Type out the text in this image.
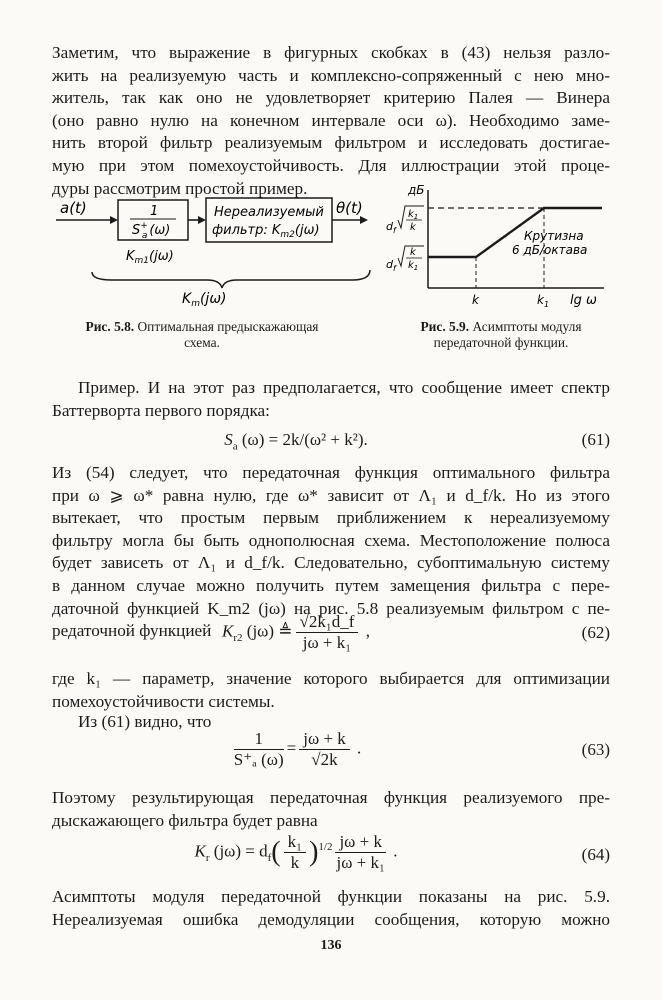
Заметим, что выражение в фигурных скобках в (43) нельзя разло-
жить на реализуемую часть и комплексно-сопряженный с нею мно-
житель, так как оно не удовлетворяет критерию Палея — Винера
(оно равно нулю на конечном интервале оси ω). Необходимо заме-
нить второй фильтр реализуемым фильтром и исследовать достигае-
мую при этом помехоустойчивость. Для иллюстрации этой проце-
дуры рассмотрим простой пример.
a(t)	1
S+ a (ω)
Нереализуемый
фильтр: $K_{m2}(j\omega)$
θ(t)
$K_{m1}(j\omega)$
$K_m(j\omega)$
Рис. 5.8. Оптимальная предыскажающая
схема.
дБ
$d_f$
$k_1$
k
$d_f$
k
$k_1$
Крутизна
6 дБ/октава
k	$k_1$ lg ω
Рис. 5.9. Асимптоты модуля
передаточной функции.
Пример. И на этот раз предполагается, что сообщение имеет спектр
Баттерворта первого порядка:
$S_a$ (ω) = 2k/(ω² + k²).	(61)
Из (54) следует, что передаточная функция оптимального фильтра
при ω ⩾ ω* равна нулю, где ω* зависит от Λ₁ и d_f/k. Но из этого
вытекает, что простым первым приближением к нереализуемому
фильтру могла бы быть однополюсная схема. Местоположение полюса
будет зависеть от Λ₁ и d_f/k. Следовательно, субоптимальную систему
в данном случае можно получить путем замещения фильтра с пере-
даточной функцией K_m2 (jω) на рис. 5.8 реализуемым фильтром с пе-
редаточной функцией $K_{r2}$ (jω) ≜ $\frac{\text{√2k₁d\_f}}{\text{jω + k₁}}$ ,	(62)
где k₁ — параметр, значение которого выбирается для оптимизации
помехоустойчивости системы.
Из (61) видно, что
$\frac{1}{\text{S⁺ₐ (ω)}} = \frac{j\omega + k}{√2k}$ .	(63)
Поэтому результирующая передаточная функция реализуемого пре-
дыскажающего фильтра будет равна
$K_r$ $(j\omega) = d_f( \frac{\text{k₁}}{k} )^{1/2} \frac{j\omega + k}{\text{jω + k₁}}$ .	(64)
Асимптоты модуля передаточной функции показаны на рис. 5.9.
Нереализуемая ошибка демодуляции сообщения, которую можно
136
